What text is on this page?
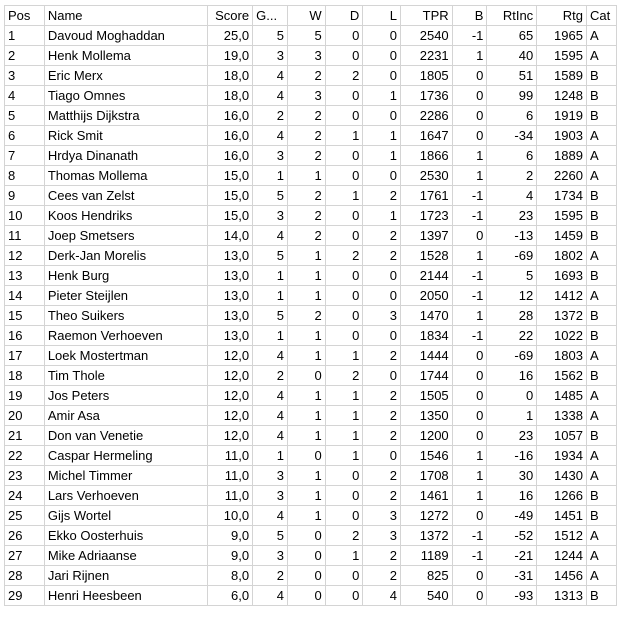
Pos	Name	Score	G...	W	D	L	TPR	B	RtInc	Rtg	Cat
1	Davoud Moghaddan	25,0	5	5	0	0	2540	-1	65	1965	A
2	Henk Mollema	19,0	3	3	0	0	2231	1	40	1595	A
3	Eric Merx	18,0	4	2	2	0	1805	0	51	1589	B
4	Tiago Omnes	18,0	4	3	0	1	1736	0	99	1248	B
5	Matthijs Dijkstra	16,0	2	2	0	0	2286	0	6	1919	B
6	Rick Smit	16,0	4	2	1	1	1647	0	-34	1903	A
7	Hrdya Dinanath	16,0	3	2	0	1	1866	1	6	1889	A
8	Thomas Mollema	15,0	1	1	0	0	2530	1	2	2260	A
9	Cees van Zelst	15,0	5	2	1	2	1761	-1	4	1734	B
10	Koos Hendriks	15,0	3	2	0	1	1723	-1	23	1595	B
11	Joep Smetsers	14,0	4	2	0	2	1397	0	-13	1459	B
12	Derk-Jan Morelis	13,0	5	1	2	2	1528	1	-69	1802	A
13	Henk Burg	13,0	1	1	0	0	2144	-1	5	1693	B
14	Pieter Steijlen	13,0	1	1	0	0	2050	-1	12	1412	A
15	Theo Suikers	13,0	5	2	0	3	1470	1	28	1372	B
16	Raemon Verhoeven	13,0	1	1	0	0	1834	-1	22	1022	B
17	Loek Mostertman	12,0	4	1	1	2	1444	0	-69	1803	A
18	Tim Thole	12,0	2	0	2	0	1744	0	16	1562	B
19	Jos Peters	12,0	4	1	1	2	1505	0	0	1485	A
20	Amir Asa	12,0	4	1	1	2	1350	0	1	1338	A
21	Don van Venetie	12,0	4	1	1	2	1200	0	23	1057	B
22	Caspar Hermeling	11,0	1	0	1	0	1546	1	-16	1934	A
23	Michel Timmer	11,0	3	1	0	2	1708	1	30	1430	A
24	Lars Verhoeven	11,0	3	1	0	2	1461	1	16	1266	B
25	Gijs Wortel	10,0	4	1	0	3	1272	0	-49	1451	B
26	Ekko Oosterhuis	9,0	5	0	2	3	1372	-1	-52	1512	A
27	Mike Adriaanse	9,0	3	0	1	2	1189	-1	-21	1244	A
28	Jari Rijnen	8,0	2	0	0	2	825	0	-31	1456	A
29	Henri Heesbeen	6,0	4	0	0	4	540	0	-93	1313	B
